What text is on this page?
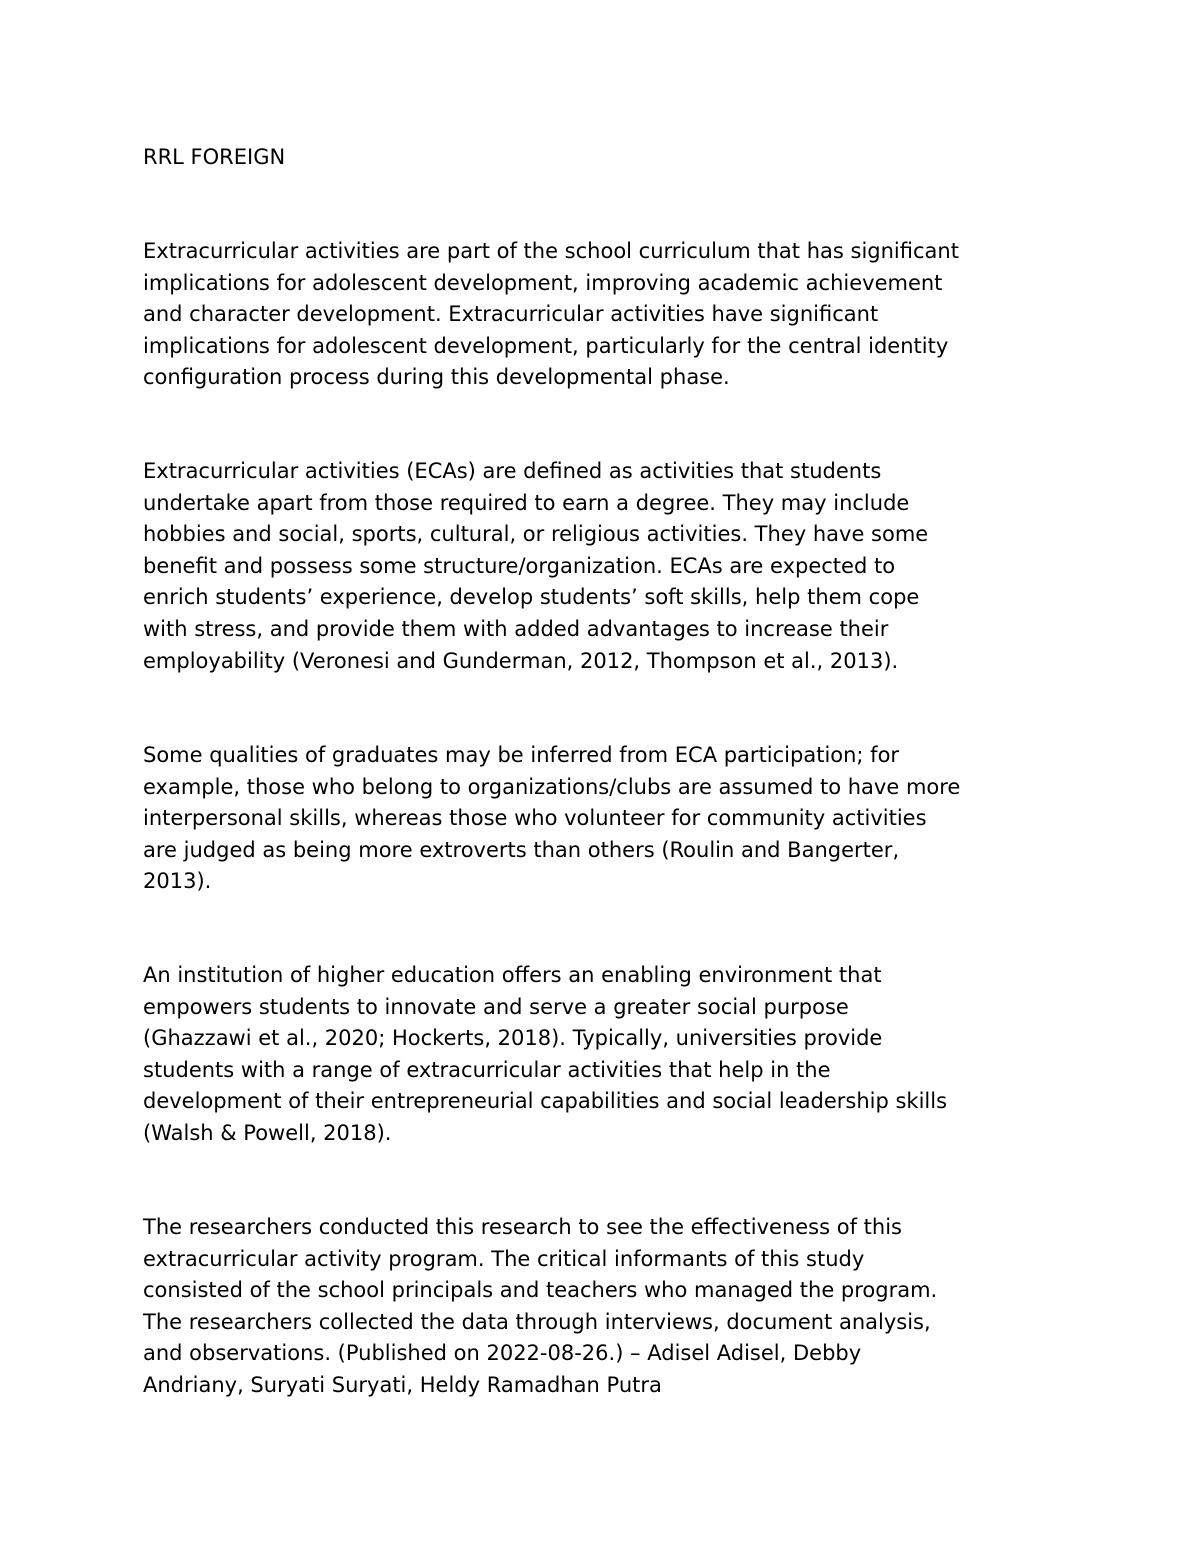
RRL FOREIGN

Extracurricular activities are part of the school curriculum that has significant
implications for adolescent development, improving academic achievement
and character development. Extracurricular activities have significant
implications for adolescent development, particularly for the central identity
configuration process during this developmental phase.

Extracurricular activities (ECAs) are defined as activities that students
undertake apart from those required to earn a degree. They may include
hobbies and social, sports, cultural, or religious activities. They have some
benefit and possess some structure/organization. ECAs are expected to
enrich students’ experience, develop students’ soft skills, help them cope
with stress, and provide them with added advantages to increase their
employability (Veronesi and Gunderman, 2012, Thompson et al., 2013).

Some qualities of graduates may be inferred from ECA participation; for
example, those who belong to organizations/clubs are assumed to have more
interpersonal skills, whereas those who volunteer for community activities
are judged as being more extroverts than others (Roulin and Bangerter,
2013).

An institution of higher education offers an enabling environment that
empowers students to innovate and serve a greater social purpose
(Ghazzawi et al., 2020; Hockerts, 2018). Typically, universities provide
students with a range of extracurricular activities that help in the
development of their entrepreneurial capabilities and social leadership skills
(Walsh & Powell, 2018).

The researchers conducted this research to see the effectiveness of this
extracurricular activity program. The critical informants of this study
consisted of the school principals and teachers who managed the program.
The researchers collected the data through interviews, document analysis,
and observations. (Published on 2022-08-26.) – Adisel Adisel, Debby
Andriany, Suryati Suryati, Heldy Ramadhan Putra
